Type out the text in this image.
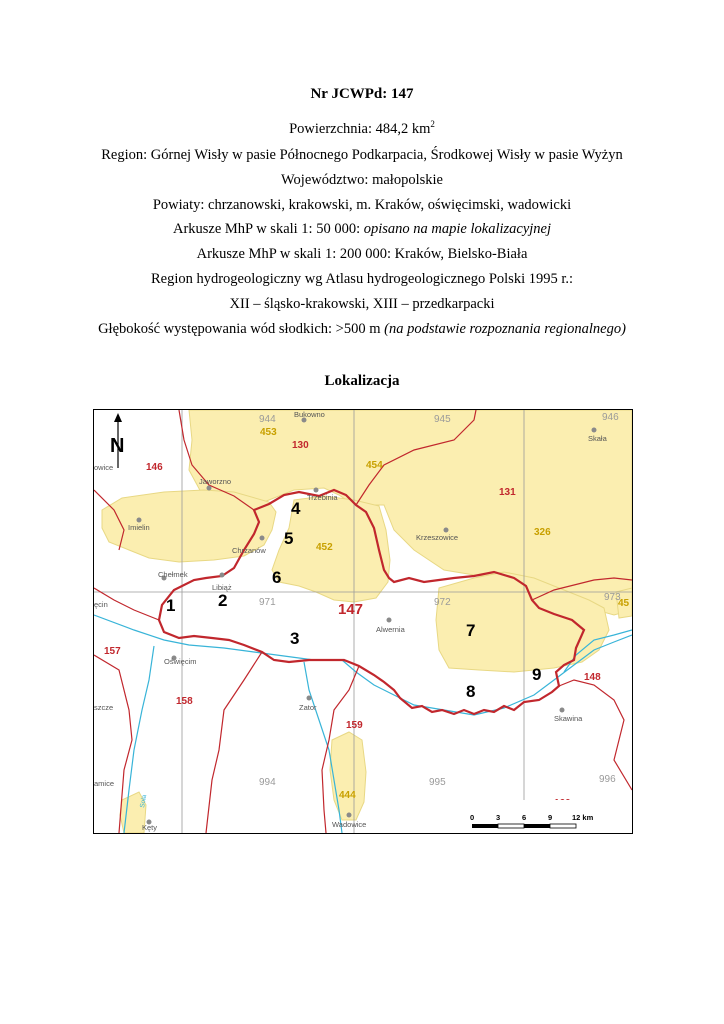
Nr JCWPd: 147
Powierzchnia: 484,2 $km^2$
Region: Górnej Wisły w pasie Północnego Podkarpacia, Środkowej Wisły w pasie Wyżyn
Województwo: małopolskie
Powiaty: chrzanowski, krakowski, m. Kraków, oświęcimski, wadowicki
Arkusze MhP w skali 1: 50 000: opisano na mapie lokalizacyjnej
Arkusze MhP w skali 1: 200 000: Kraków, Bielsko-Biała
Region hydrogeologiczny wg Atlasu hydrogeologicznego Polski 1995 r.:
XII – śląsko-krakowski, XIII – przedkarpacki
Głębokość występowania wód słodkich: >500 m (na podstawie rozpoznania regionalnego)
Lokalizacja
944	945	946
971	972	973
994	995	996
130
146
131
157
158
159
148
453
454
452
326
444
45
1	2
3
4
5
6
7
8
9
147
Bukowno
Skała
Jaworzno
Trzebinia
Imielin
Chrzanów
Krzeszowice
Chełmek
Libiąż
Alwernia
Oświęcim
Zator
Skawina
Wadowice
Kęty
owice
ęcin
szcze
amice
Soła
N
0	3	6	9	12 km
